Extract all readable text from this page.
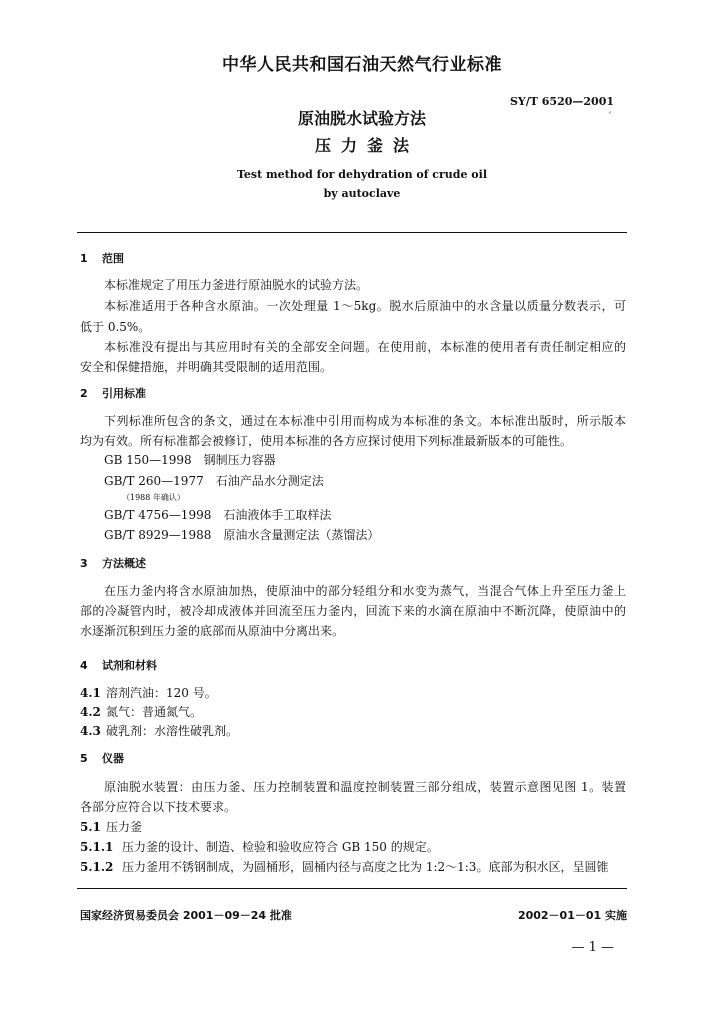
中华人民共和国石油天然气行业标准
SY/T 6520—2001
ˊ
原油脱水试验方法
压力釜法
Test method for dehydration of crude oil
by autoclave
1 范围
本标准规定了用压力釜进行原油脱水的试验方法。
本标准适用于各种含水原油。一次处理量 1～5kg。脱水后原油中的水含量以质量分数表示，可
低于 0.5%。
本标准没有提出与其应用时有关的全部安全问题。在使用前，本标准的使用者有责任制定相应的
安全和保健措施，并明确其受限制的适用范围。
2 引用标准
下列标准所包含的条文，通过在本标准中引用而构成为本标准的条文。本标准出版时，所示版本
均为有效。所有标准都会被修订，使用本标准的各方应探讨使用下列标准最新版本的可能性。
GB 150—1998　钢制压力容器
GB/T 260—1977　石油产品水分测定法
（1988 年确认）
GB/T 4756—1998　石油液体手工取样法
GB/T 8929—1988　原油水含量测定法（蒸馏法）
3 方法概述
在压力釜内将含水原油加热，使原油中的部分轻组分和水变为蒸气，当混合气体上升至压力釜上
部的冷凝管内时，被冷却成液体并回流至压力釜内，回流下来的水滴在原油中不断沉降，使原油中的
水逐渐沉积到压力釜的底部而从原油中分离出来。
4 试剂和材料
4.1 溶剂汽油：120 号。
4.2 氮气：普通氮气。
4.3 破乳剂：水溶性破乳剂。
5 仪器
原油脱水装置：由压力釜、压力控制装置和温度控制装置三部分组成，装置示意图见图 1。装置
各部分应符合以下技术要求。
5.1 压力釜
5.1.1 压力釜的设计、制造、检验和验收应符合 GB 150 的规定。
5.1.2 压力釜用不锈钢制成，为圆桶形，圆桶内径与高度之比为 1:2～1:3。底部为积水区，呈圆锥
国家经济贸易委员会 2001－09－24 批准	2002－01－01 实施
— 1 —
